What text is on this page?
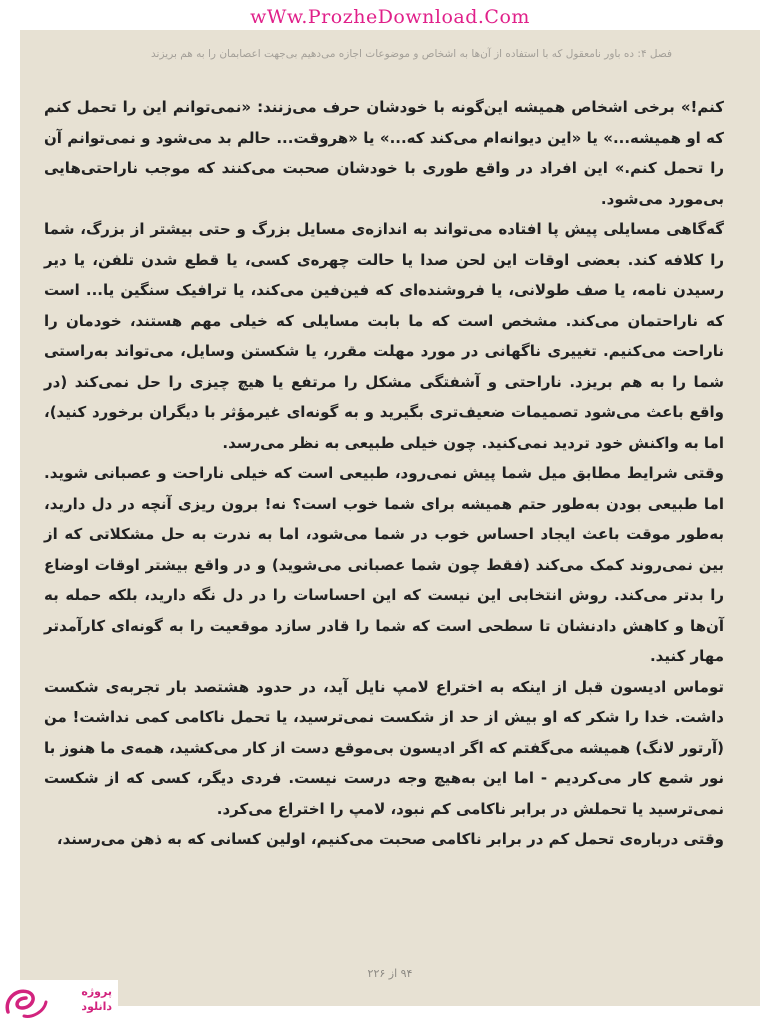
wWw.ProzheDownload.Com
فصل ۴: ده باور نامعقول که با استفاده از آن‌ها به اشخاص و موضوعات اجازه می‌دهیم بی‌جهت اعصابمان را به هم بریزند

کنم!» برخی اشخاص همیشه این‌گونه با خودشان حرف می‌زنند: «نمی‌توانم این را تحمل کنم که او همیشه...» یا «این دیوانه‌ام می‌کند که...» یا «هروقت... حالم بد می‌شود و نمی‌توانم آن را تحمل کنم.» این افراد در واقع طوری با خودشان صحبت می‌کنند که موجب ناراحتی‌هایی بی‌مورد می‌شود.

گه‌گاهی مسایلی پیش پا افتاده می‌تواند به اندازه‌ی مسایل بزرگ و حتی بیشتر از بزرگ، شما را کلافه کند. بعضی اوقات این لحن صدا یا حالت چهره‌ی کسی، یا قطع شدن تلفن، یا دیر رسیدن نامه، یا صف طولانی، یا فروشنده‌ای که فین‌فین می‌کند، یا ترافیک سنگین یا... است که ناراحتمان می‌کند. مشخص است که ما بابت مسایلی که خیلی مهم هستند، خودمان را ناراحت می‌کنیم. تغییری ناگهانی در مورد مهلت مقرر، یا شکستن وسایل، می‌تواند به‌راستی شما را به هم بریزد. ناراحتی و آشفتگی مشکل را مرتفع یا هیچ چیزی را حل نمی‌کند (در واقع باعث می‌شود تصمیمات ضعیف‌تری بگیرید و به گونه‌ای غیرمؤثر با دیگران برخورد کنید)، اما به واکنش خود تردید نمی‌کنید. چون خیلی طبیعی به نظر می‌رسد.

وقتی شرایط مطابق میل شما پیش نمی‌رود، طبیعی است که خیلی ناراحت و عصبانی شوید. اما طبیعی بودن به‌طور حتم همیشه برای شما خوب است؟ نه! برون ریزی آنچه در دل دارید، به‌طور موقت باعث ایجاد احساس خوب در شما می‌شود، اما به ندرت به حل مشکلاتی که از بین نمی‌روند کمک می‌کند (فقط چون شما عصبانی می‌شوید) و در واقع بیشتر اوقات اوضاع را بدتر می‌کند. روش انتخابی این نیست که این احساسات را در دل نگه دارید، بلکه حمله به آن‌ها و کاهش دادنشان تا سطحی است که شما را قادر سازد موقعیت را به گونه‌ای کارآمدتر مهار کنید.

توماس ادیسون قبل از اینکه به اختراع لامپ نایل آید، در حدود هشتصد بار تجربه‌ی شکست داشت. خدا را شکر که او بیش از حد از شکست نمی‌ترسید، یا تحمل ناکامی کمی نداشت! من (آرتور لانگ) همیشه می‌گفتم که اگر ادیسون بی‌موقع دست از کار می‌کشید، همه‌ی ما هنوز با نور شمع کار می‌کردیم - اما این به‌هیچ وجه درست نیست. فردی دیگر، کسی که از شکست نمی‌ترسید یا تحملش در برابر ناکامی کم نبود، لامپ را اختراع می‌کرد.

وقتی درباره‌ی تحمل کم در برابر ناکامی صحبت می‌کنیم، اولین کسانی که به ذهن می‌رسند،

۹۴ از ۲۲۶
پروژه
دانلود
